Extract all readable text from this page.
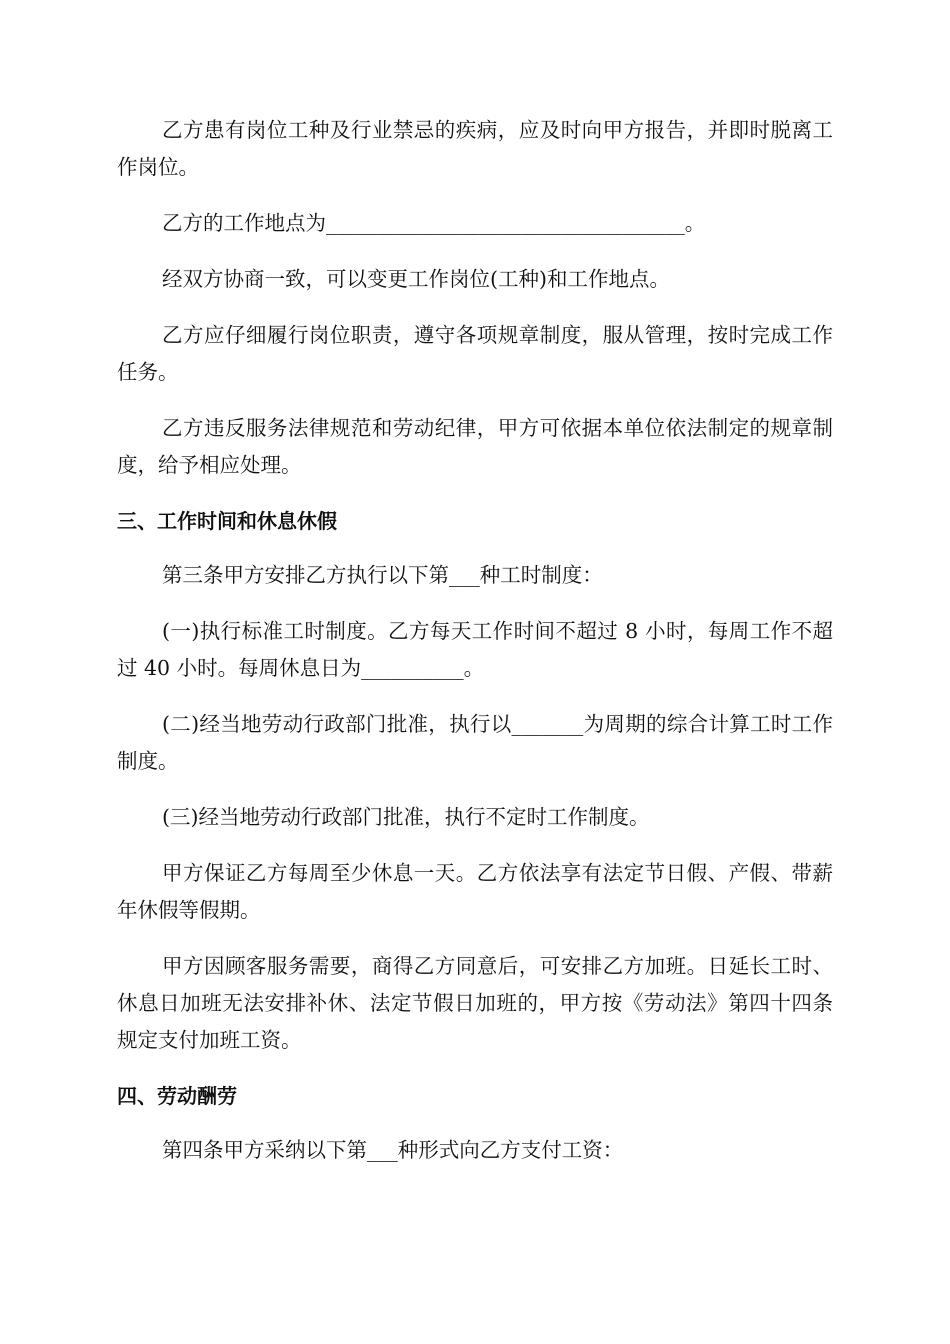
乙方患有岗位工种及行业禁忌的疾病，应及时向甲方报告，并即时脱离工作岗位。

乙方的工作地点为___________________________________。

经双方协商一致，可以变更工作岗位(工种)和工作地点。

乙方应仔细履行岗位职责，遵守各项规章制度，服从管理，按时完成工作任务。

乙方违反服务法律规范和劳动纪律，甲方可依据本单位依法制定的规章制度，给予相应处理。

三、工作时间和休息休假

第三条甲方安排乙方执行以下第___种工时制度：

(一)执行标准工时制度。乙方每天工作时间不超过 8 小时，每周工作不超过 40 小时。每周休息日为__________。

(二)经当地劳动行政部门批准，执行以_______为周期的综合计算工时工作制度。

(三)经当地劳动行政部门批准，执行不定时工作制度。

甲方保证乙方每周至少休息一天。乙方依法享有法定节日假、产假、带薪年休假等假期。

甲方因顾客服务需要，商得乙方同意后，可安排乙方加班。日延长工时、休息日加班无法安排补休、法定节假日加班的，甲方按《劳动法》第四十四条规定支付加班工资。

四、劳动酬劳

第四条甲方采纳以下第___种形式向乙方支付工资：
